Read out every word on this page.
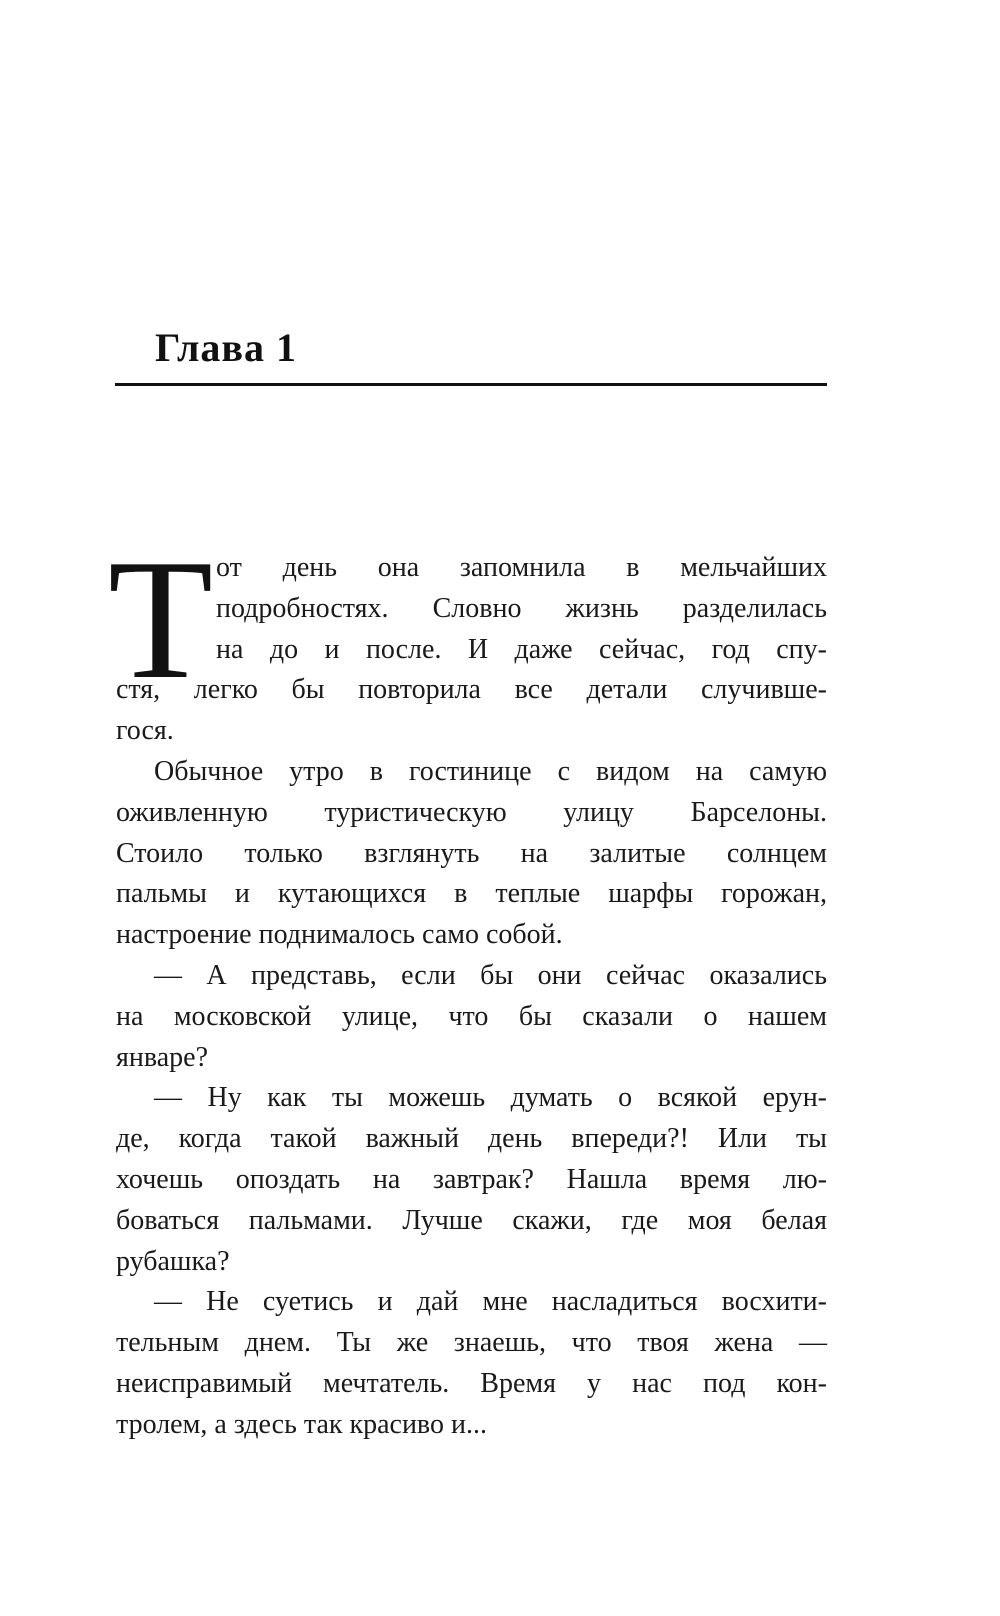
Глава 1
Т от день она запомнила в мельчайших
подробностях. Словно жизнь разделилась
на до и после. И даже сейчас, год спу-
стя, легко бы повторила все детали случивше-
гося.
Обычное утро в гостинице с видом на самую
оживленную туристическую улицу Барселоны.
Стоило только взглянуть на залитые солнцем
пальмы и кутающихся в теплые шарфы горожан,
настроение поднималось само собой.
— А представь, если бы они сейчас оказались
на московской улице, что бы сказали о нашем
январе?
— Ну как ты можешь думать о всякой ерун-
де, когда такой важный день впереди?! Или ты
хочешь опоздать на завтрак? Нашла время лю-
боваться пальмами. Лучше скажи, где моя белая
рубашка?
— Не суетись и дай мне насладиться восхити-
тельным днем. Ты же знаешь, что твоя жена —
неисправимый мечтатель. Время у нас под кон-
тролем, а здесь так красиво и...
